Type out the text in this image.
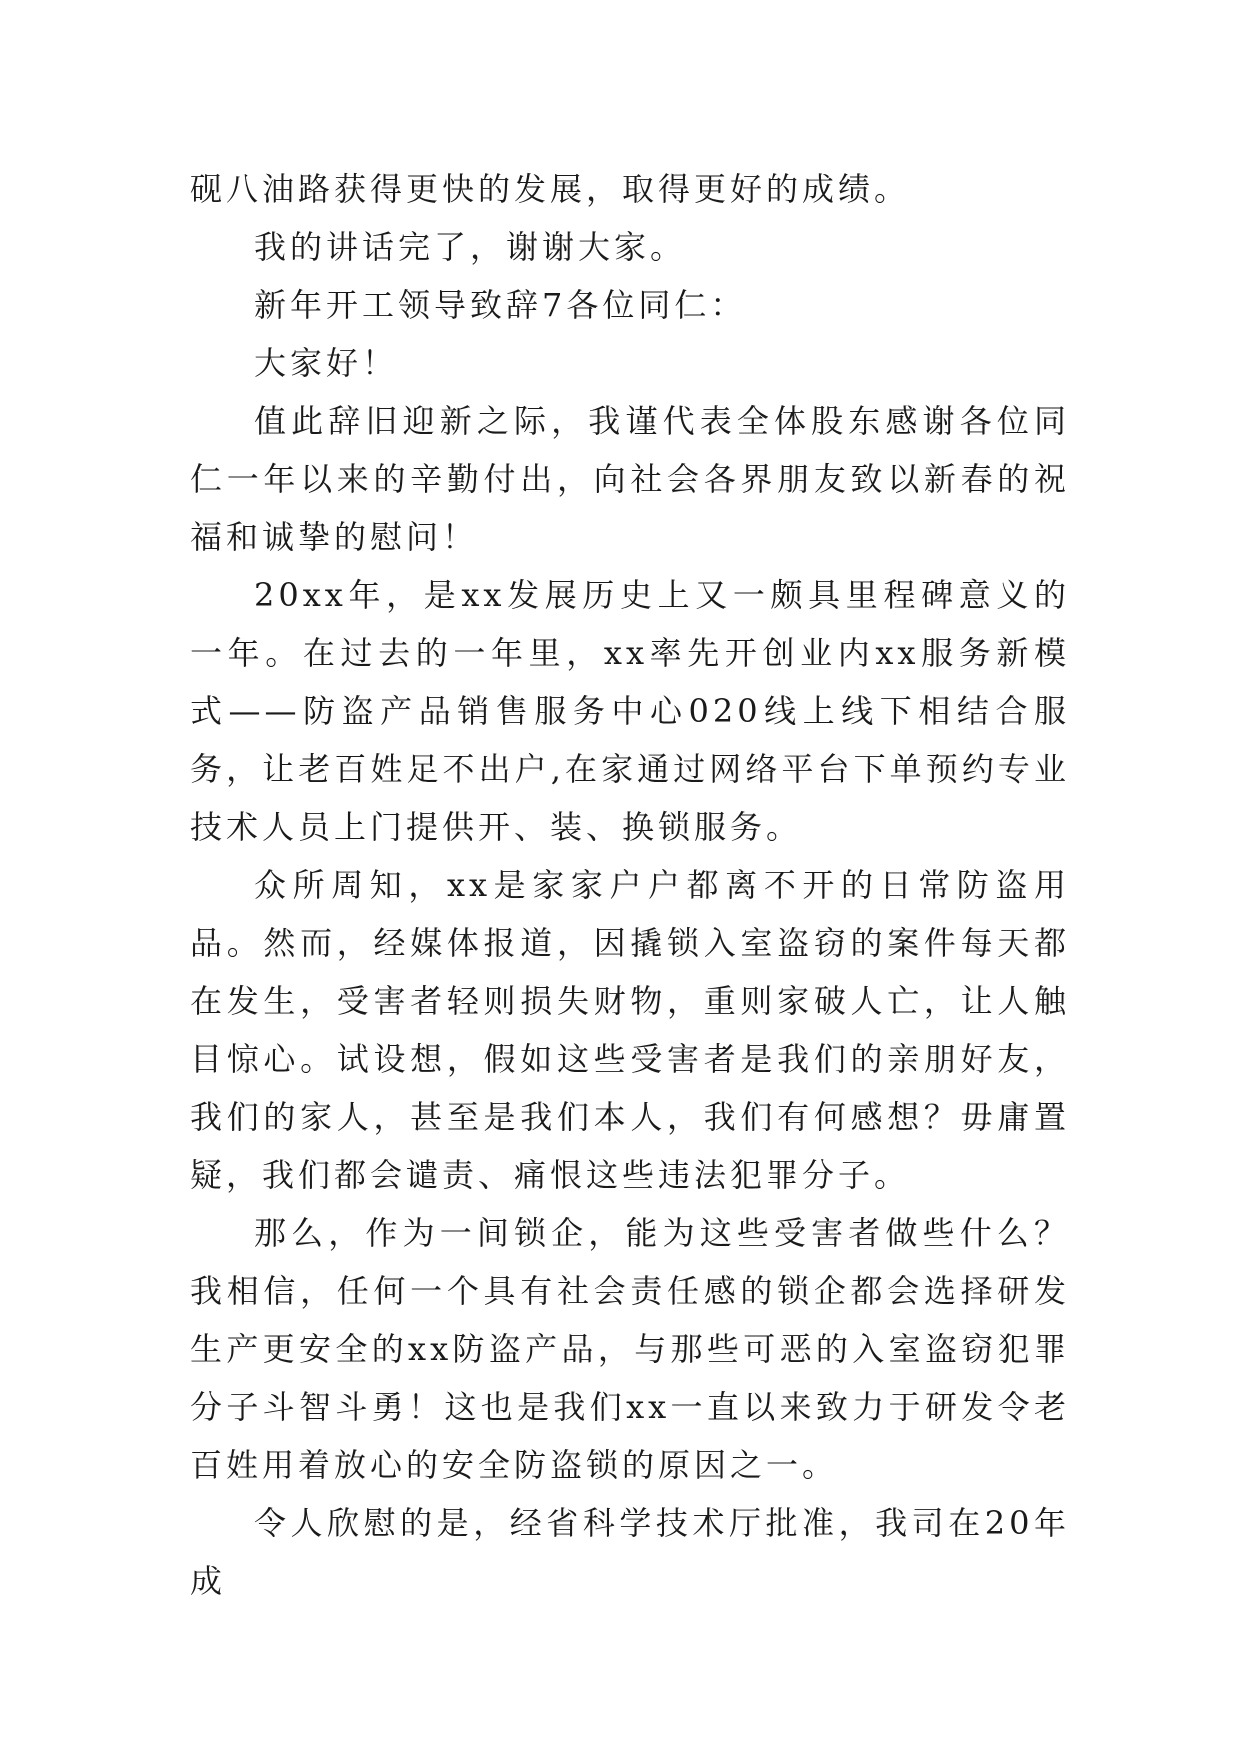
砚八油路获得更快的发展，取得更好的成绩。

我的讲话完了，谢谢大家。

新年开工领导致辞7各位同仁：

大家好！

值此辞旧迎新之际，我谨代表全体股东感谢各位同仁一年以来的辛勤付出，向社会各界朋友致以新春的祝福和诚挚的慰问！

20xx年，是xx发展历史上又一颇具里程碑意义的一年。在过去的一年里，xx率先开创业内xx服务新模式——防盗产品销售服务中心020线上线下相结合服务，让老百姓足不出户,在家通过网络平台下单预约专业技术人员上门提供开、装、换锁服务。

众所周知，xx是家家户户都离不开的日常防盗用品。然而，经媒体报道，因撬锁入室盗窃的案件每天都在发生，受害者轻则损失财物，重则家破人亡，让人触目惊心。试设想，假如这些受害者是我们的亲朋好友，我们的家人，甚至是我们本人，我们有何感想？毋庸置疑，我们都会谴责、痛恨这些违法犯罪分子。

那么，作为一间锁企，能为这些受害者做些什么？我相信，任何一个具有社会责任感的锁企都会选择研发生产更安全的xx防盗产品，与那些可恶的入室盗窃犯罪分子斗智斗勇！这也是我们xx一直以来致力于研发令老百姓用着放心的安全防盗锁的原因之一。

令人欣慰的是，经省科学技术厅批准，我司在20年成
